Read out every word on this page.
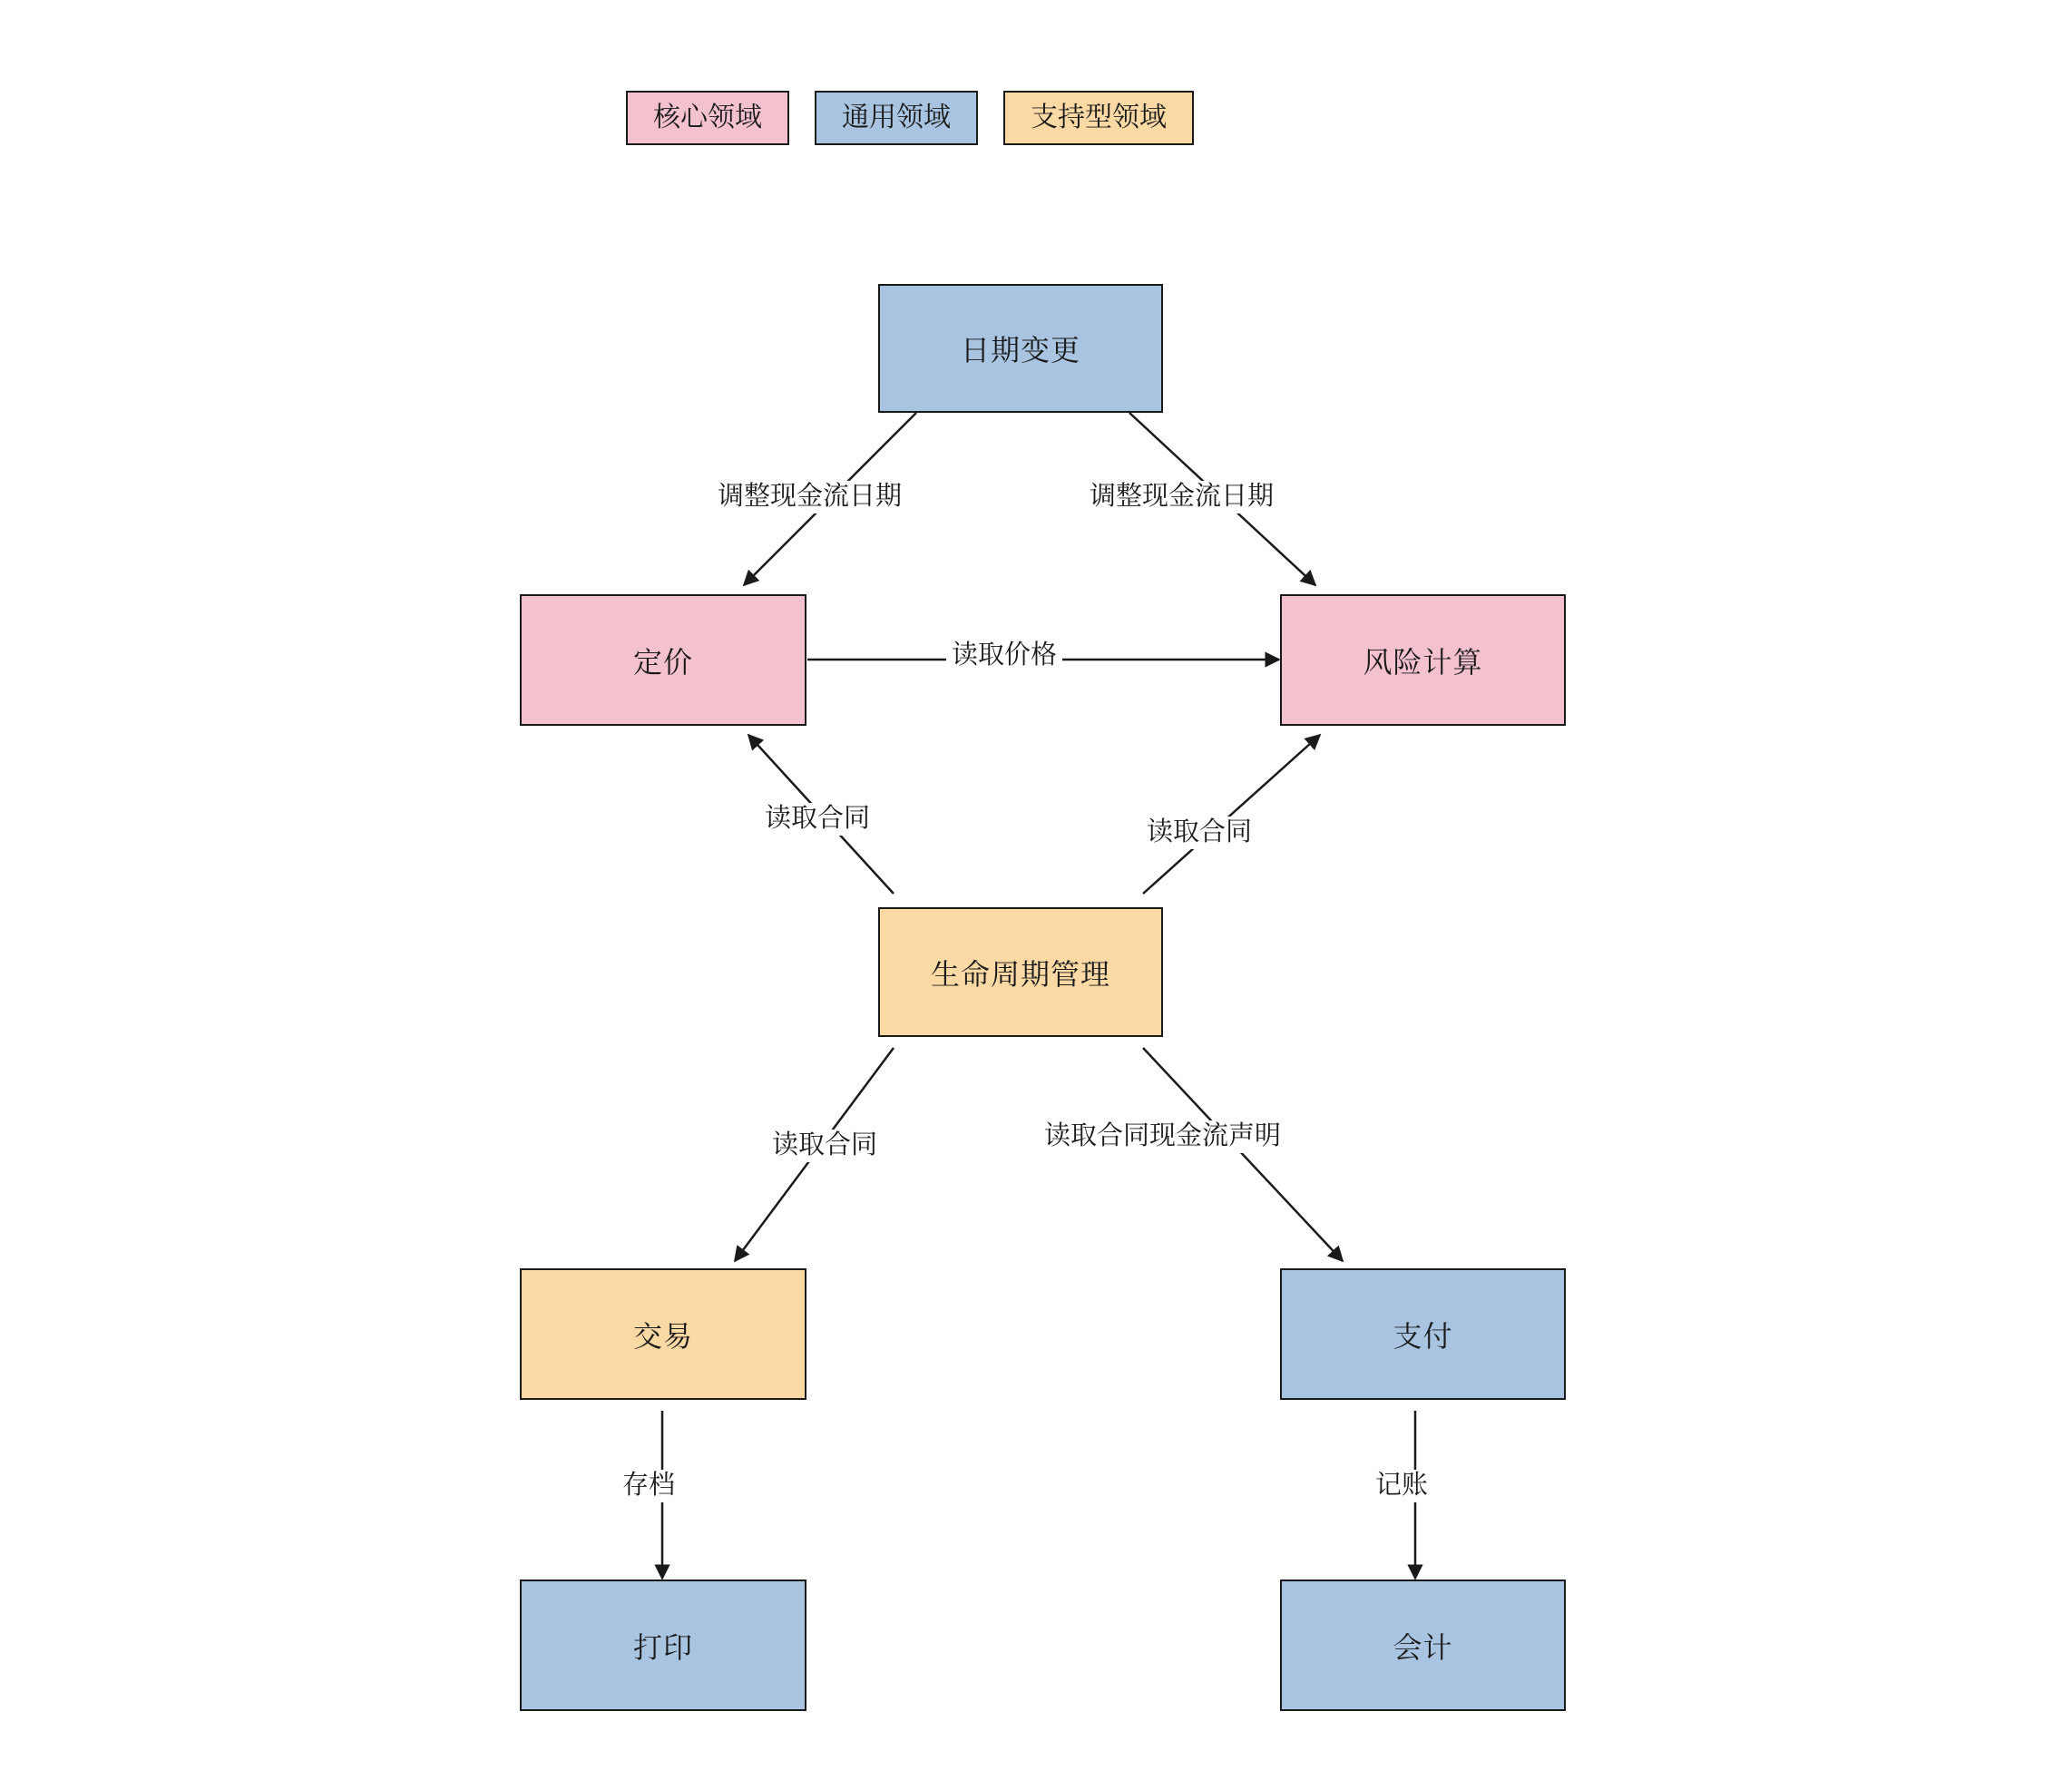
核心领域	通用领域	支持型领域
日期变更
定价	风险计算
生命周期管理
交易	支付
打印	会计
调整现金流日期	调整现金流日期
读取价格
读取合同	读取合同
读取合同	读取合同现金流声明
存档	记账
